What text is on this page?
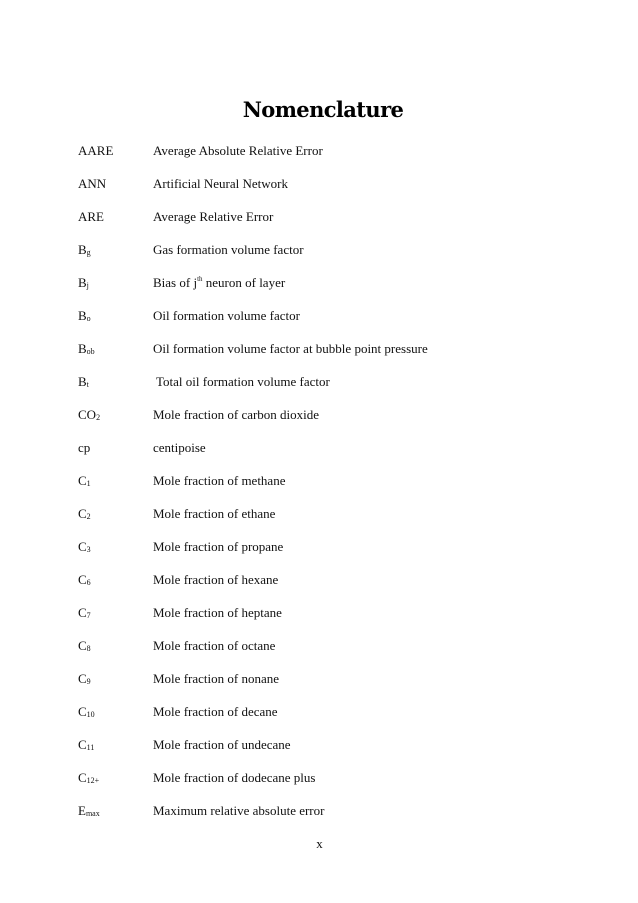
Nomenclature
AARE	Average Absolute Relative Error
ANN	Artificial Neural Network
ARE	Average Relative Error
$B_g$	Gas formation volume factor
$B_j$	Bias of $j^{th}$ neuron of layer
$B_o$	Oil formation volume factor
$B_{ob}$	Oil formation volume factor at bubble point pressure
$B_t$	Total oil formation volume factor
$CO_2$	Mole fraction of carbon dioxide
cp	centipoise
$C_1$	Mole fraction of methane
$C_2$	Mole fraction of ethane
$C_3$	Mole fraction of propane
$C_6$	Mole fraction of hexane
$C_7$	Mole fraction of heptane
$C_8$	Mole fraction of octane
$C_9$	Mole fraction of nonane
$C_{10}$	Mole fraction of decane
$C_{11}$	Mole fraction of undecane
$C_{12+}$	Mole fraction of dodecane plus
$E_{max}$	Maximum relative absolute error
x
